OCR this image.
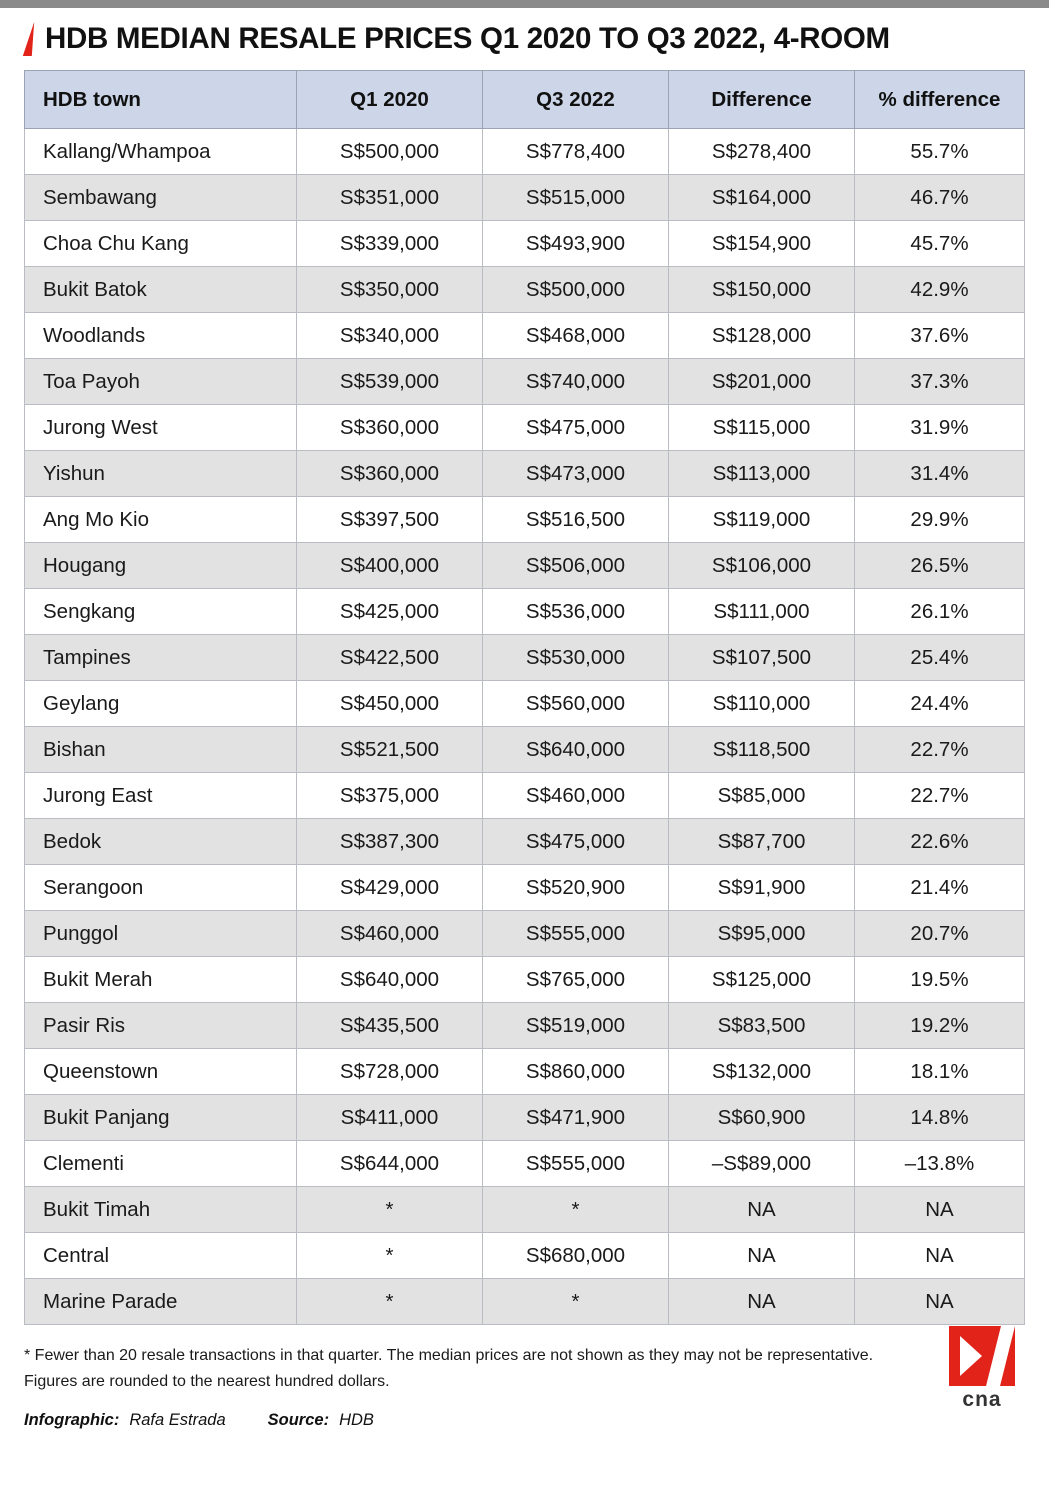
HDB MEDIAN RESALE PRICES Q1 2020 TO Q3 2022, 4-ROOM
HDB town	Q1 2020	Q3 2022	Difference	% difference
Kallang/Whampoa	S$500,000	S$778,400	S$278,400	55.7%
Sembawang	S$351,000	S$515,000	S$164,000	46.7%
Choa Chu Kang	S$339,000	S$493,900	S$154,900	45.7%
Bukit Batok	S$350,000	S$500,000	S$150,000	42.9%
Woodlands	S$340,000	S$468,000	S$128,000	37.6%
Toa Payoh	S$539,000	S$740,000	S$201,000	37.3%
Jurong West	S$360,000	S$475,000	S$115,000	31.9%
Yishun	S$360,000	S$473,000	S$113,000	31.4%
Ang Mo Kio	S$397,500	S$516,500	S$119,000	29.9%
Hougang	S$400,000	S$506,000	S$106,000	26.5%
Sengkang	S$425,000	S$536,000	S$111,000	26.1%
Tampines	S$422,500	S$530,000	S$107,500	25.4%
Geylang	S$450,000	S$560,000	S$110,000	24.4%
Bishan	S$521,500	S$640,000	S$118,500	22.7%
Jurong East	S$375,000	S$460,000	S$85,000	22.7%
Bedok	S$387,300	S$475,000	S$87,700	22.6%
Serangoon	S$429,000	S$520,900	S$91,900	21.4%
Punggol	S$460,000	S$555,000	S$95,000	20.7%
Bukit Merah	S$640,000	S$765,000	S$125,000	19.5%
Pasir Ris	S$435,500	S$519,000	S$83,500	19.2%
Queenstown	S$728,000	S$860,000	S$132,000	18.1%
Bukit Panjang	S$411,000	S$471,900	S$60,900	14.8%
Clementi	S$644,000	S$555,000	–S$89,000	–13.8%
Bukit Timah	*	*	NA	NA
Central	*	S$680,000	NA	NA
Marine Parade	*	*	NA	NA

* Fewer than 20 resale transactions in that quarter. The median prices are not shown as they may not be representative.

Figures are rounded to the nearest hundred dollars.

Infographic: Rafa Estrada	Source: HDB
cna
